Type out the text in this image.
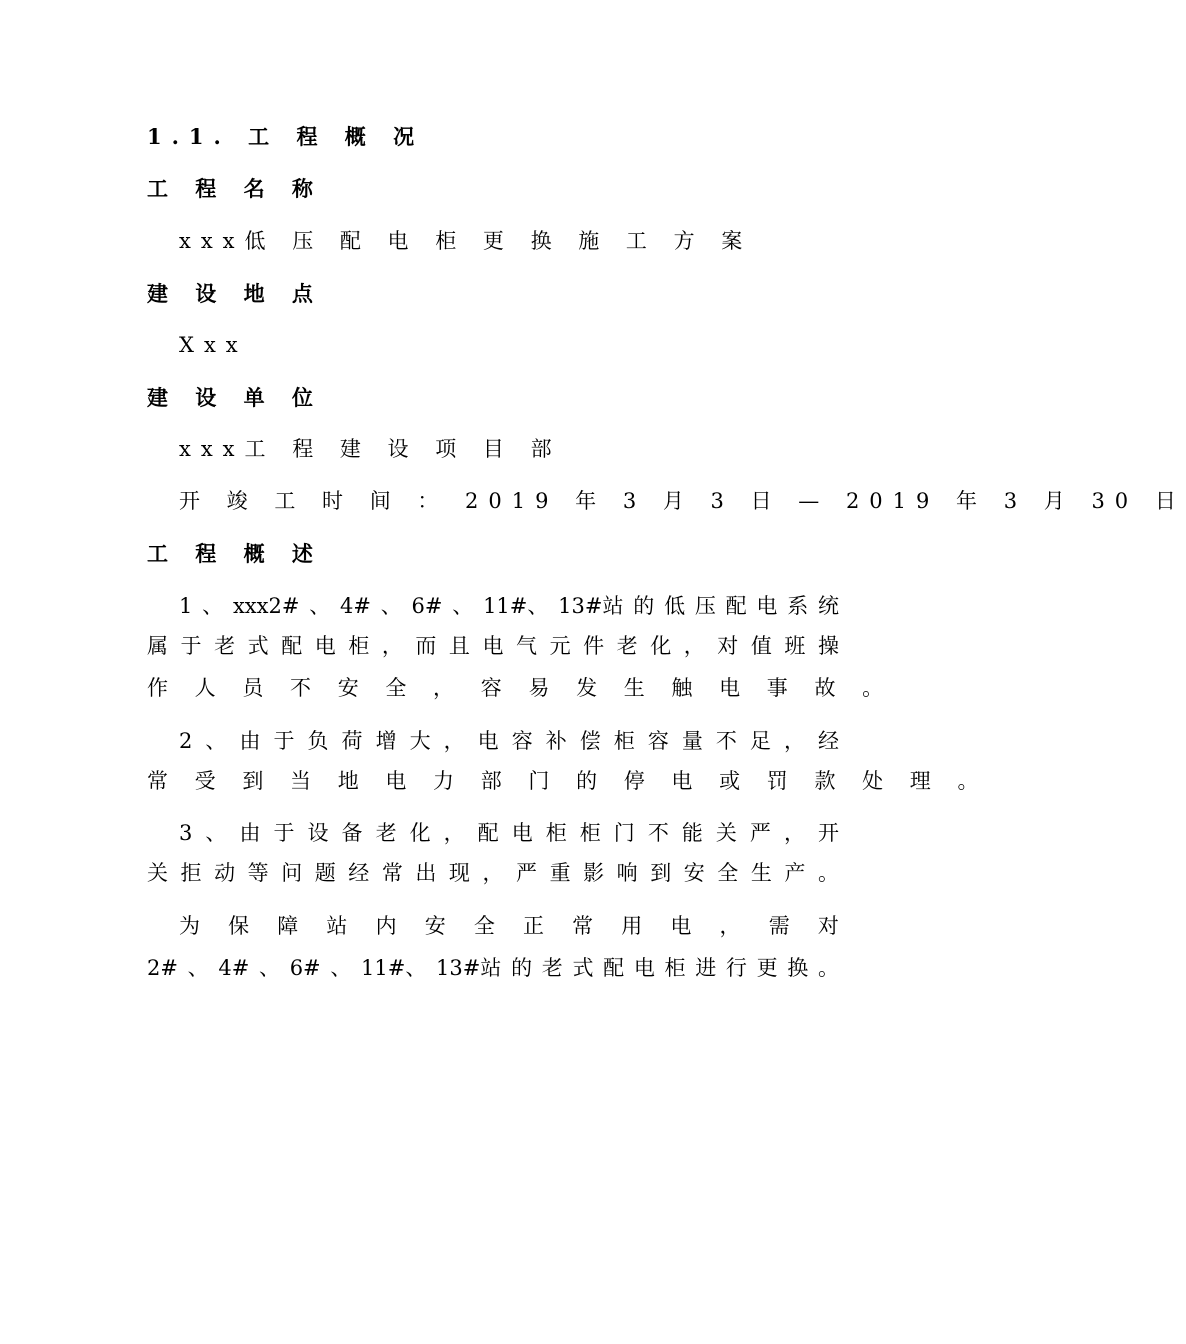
1.1. 工 程 概 况
工 程 名 称
xxx低 压 配 电 柜 更 换 施 工 方 案
建 设 地 点
Xxx
建 设 单 位
xxx工 程 建 设 项 目 部
开 竣 工 时 间 ： 2019 年 3 月 3 日 — 2019 年 3 月 30 日
工 程 概 述
1 、 xxx2# 、 4# 、 6# 、 11#、 13#站 的 低 压 配 电 系 统
属 于 老 式 配 电 柜 ， 而 且 电 气 元 件 老 化 ， 对 值 班 操
作 人 员 不 安 全 ， 容 易 发 生 触 电 事 故 。
2 、 由 于 负 荷 增 大 ， 电 容 补 偿 柜 容 量 不 足 ， 经
常 受 到 当 地 电 力 部 门 的 停 电 或 罚 款 处 理 。
3 、 由 于 设 备 老 化 ， 配 电 柜 柜 门 不 能 关 严 ， 开
关 拒 动 等 问 题 经 常 出 现 ， 严 重 影 响 到 安 全 生 产 。
为 保 障 站 内 安 全 正 常 用 电 ， 需 对
2# 、 4# 、 6# 、 11#、 13#站 的 老 式 配 电 柜 进 行 更 换 。
